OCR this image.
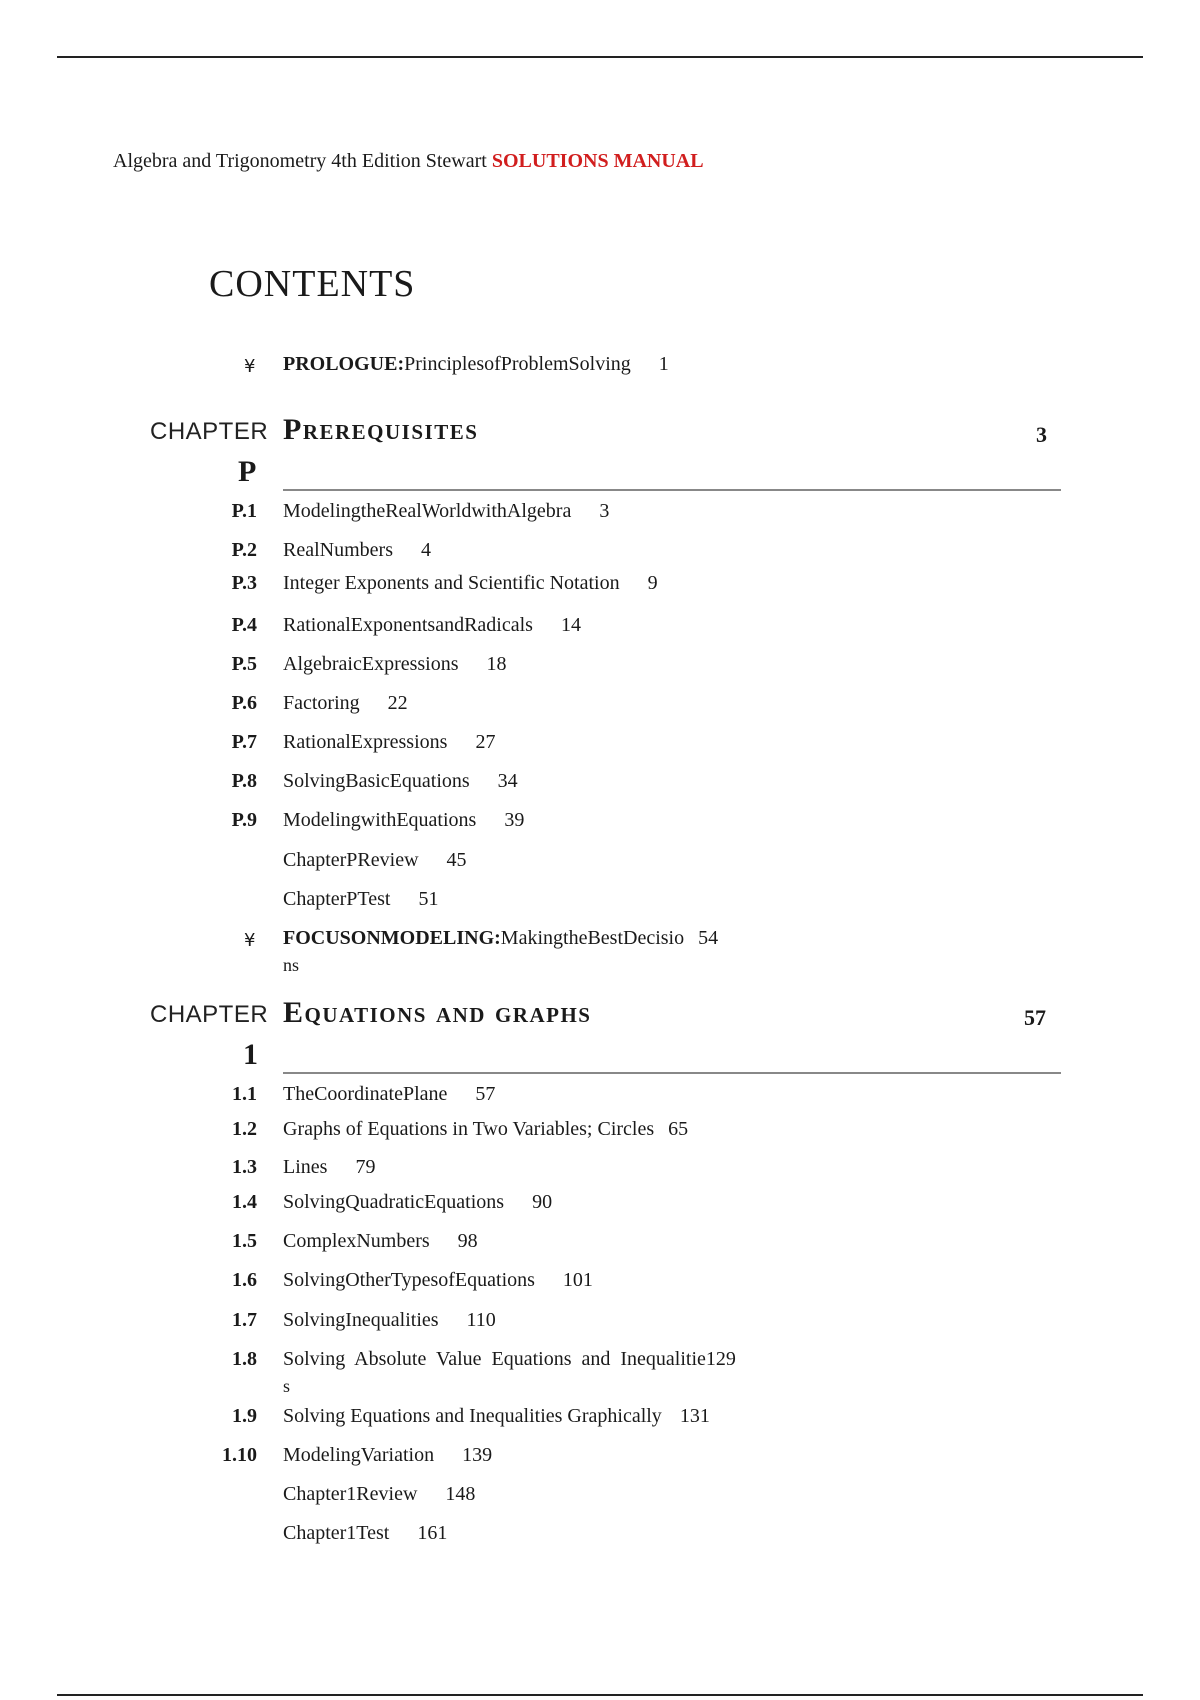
Algebra and Trigonometry 4th Edition Stewart SOLUTIONS MANUAL
CONTENTS
¥ PROLOGUE:PrinciplesofProblemSolving 1
CHAPTER
P
Prerequisites	3
P.1 ModelingtheRealWorldwithAlgebra 3
P.2 RealNumbers 4
P.3 Integer Exponents and Scientific Notation 9
P.4 RationalExponentsandRadicals 14
P.5 AlgebraicExpressions 18
P.6 Factoring 22
P.7 RationalExpressions 27
P.8 SolvingBasicEquations 34
P.9 ModelingwithEquations 39
ChapterPReview 45
ChapterPTest 51
¥ FOCUSONMODELING:MakingtheBestDecisio 54
ns
CHAPTER
1
Equations and graphs	57
1.1 TheCoordinatePlane 57
1.2 Graphs of Equations in Two Variables; Circles 65
1.3 Lines 79
1.4 SolvingQuadraticEquations 90
1.5 ComplexNumbers 98
1.6 SolvingOtherTypesofEquations 101
1.7 SolvingInequalities 110
1.8 Solving  Absolute  Value  Equations  and  Inequalitie129
s
1.9 Solving Equations and Inequalities Graphically 131
1.10 ModelingVariation 139
Chapter1Review 148
Chapter1Test 161
